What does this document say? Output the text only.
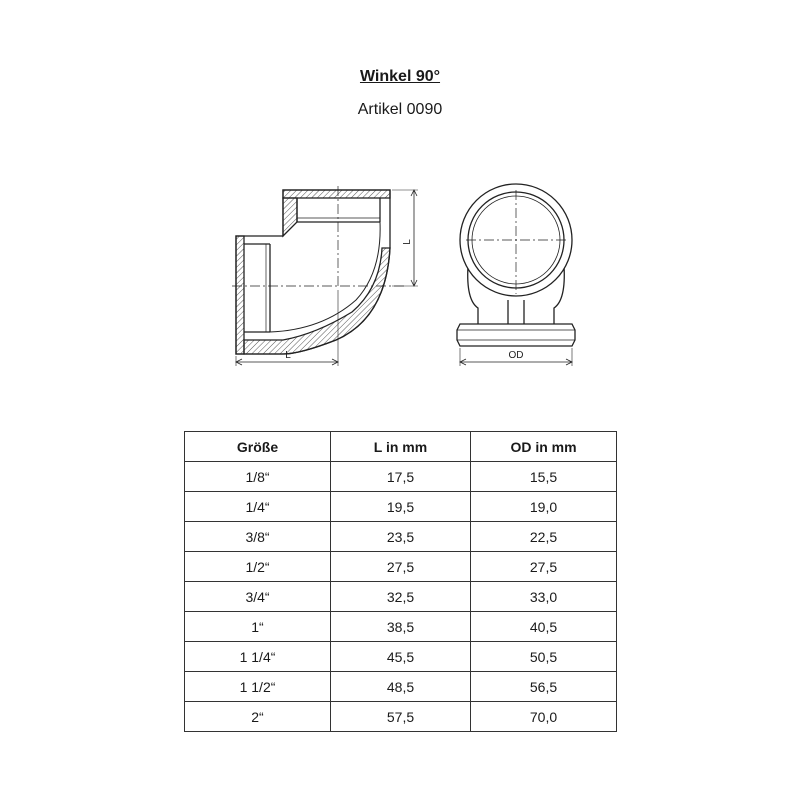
Winkel 90°
Artikel 0090
L
L	OD
Größe	L in mm	OD in mm
1/8“	17,5	15,5
1/4“	19,5	19,0
3/8“	23,5	22,5
1/2“	27,5	27,5
3/4“	32,5	33,0
1“	38,5	40,5
1 1/4“	45,5	50,5
1 1/2“	48,5	56,5
2“	57,5	70,0
